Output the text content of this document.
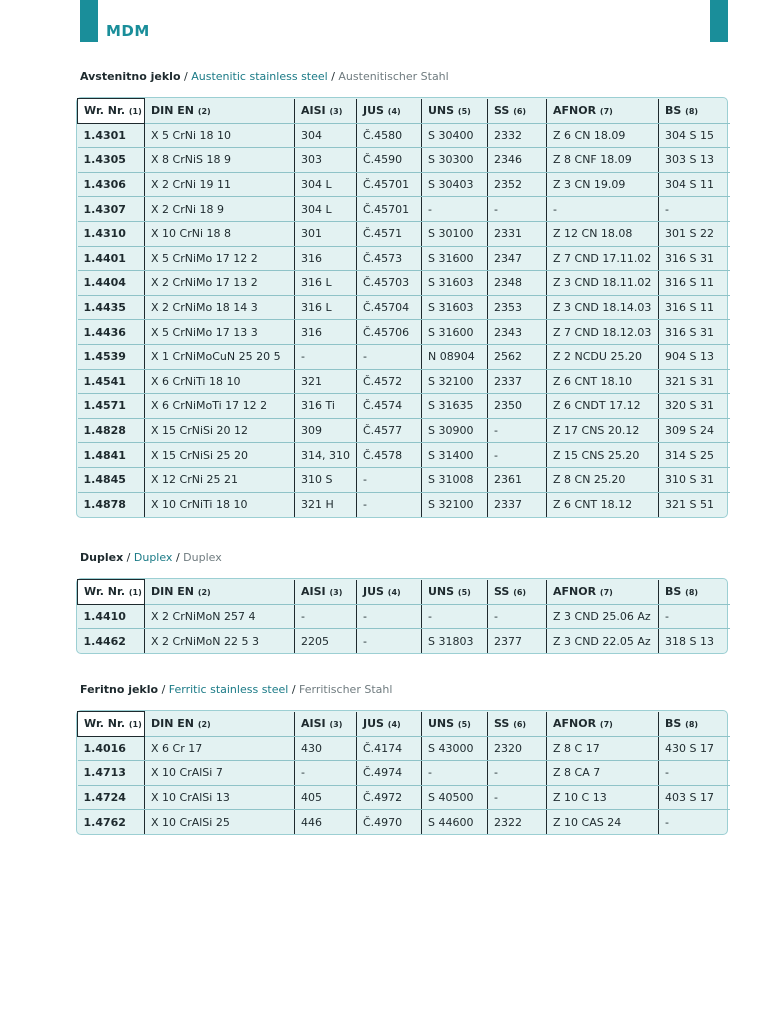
MDM
Avstenitno jeklo / Austenitic stainless steel / Austenitischer Stahl
Wr. Nr. (1)	DIN EN (2)	AISI (3)	JUS (4)	UNS (5)	SS (6)	AFNOR (7)	BS (8)
1.4301	X 5 CrNi 18 10	304	Č.4580	S 30400	2332	Z 6 CN 18.09	304 S 15
1.4305	X 8 CrNiS 18 9	303	Č.4590	S 30300	2346	Z 8 CNF 18.09	303 S 13
1.4306	X 2 CrNi 19 11	304 L	Č.45701	S 30403	2352	Z 3 CN 19.09	304 S 11
1.4307	X 2 CrNi 18 9	304 L	Č.45701	-	-	-	-
1.4310	X 10 CrNi 18 8	301	Č.4571	S 30100	2331	Z 12 CN 18.08	301 S 22
1.4401	X 5 CrNiMo 17 12 2	316	Č.4573	S 31600	2347	Z 7 CND 17.11.02	316 S 31
1.4404	X 2 CrNiMo 17 13 2	316 L	Č.45703	S 31603	2348	Z 3 CND 18.11.02	316 S 11
1.4435	X 2 CrNiMo 18 14 3	316 L	Č.45704	S 31603	2353	Z 3 CND 18.14.03	316 S 11
1.4436	X 5 CrNiMo 17 13 3	316	Č.45706	S 31600	2343	Z 7 CND 18.12.03	316 S 31
1.4539	X 1 CrNiMoCuN 25 20 5	-	-	N 08904	2562	Z 2 NCDU 25.20	904 S 13
1.4541	X 6 CrNiTi 18 10	321	Č.4572	S 32100	2337	Z 6 CNT 18.10	321 S 31
1.4571	X 6 CrNiMoTi 17 12 2	316 Ti	Č.4574	S 31635	2350	Z 6 CNDT 17.12	320 S 31
1.4828	X 15 CrNiSi 20 12	309	Č.4577	S 30900	-	Z 17 CNS 20.12	309 S 24
1.4841	X 15 CrNiSi 25 20	314, 310	Č.4578	S 31400	-	Z 15 CNS 25.20	314 S 25
1.4845	X 12 CrNi 25 21	310 S	-	S 31008	2361	Z 8 CN 25.20	310 S 31
1.4878	X 10 CrNiTi 18 10	321 H	-	S 32100	2337	Z 6 CNT 18.12	321 S 51
Duplex / Duplex / Duplex
Wr. Nr. (1)	DIN EN (2)	AISI (3)	JUS (4)	UNS (5)	SS (6)	AFNOR (7)	BS (8)
1.4410	X 2 CrNiMoN 257 4	-	-	-	-	Z 3 CND 25.06 Az	-
1.4462	X 2 CrNiMoN 22 5 3	2205	-	S 31803	2377	Z 3 CND 22.05 Az	318 S 13
Feritno jeklo / Ferritic stainless steel / Ferritischer Stahl
Wr. Nr. (1)	DIN EN (2)	AISI (3)	JUS (4)	UNS (5)	SS (6)	AFNOR (7)	BS (8)
1.4016	X 6 Cr 17	430	Č.4174	S 43000	2320	Z 8 C 17	430 S 17
1.4713	X 10 CrAlSi 7	-	Č.4974	-	-	Z 8 CA 7	-
1.4724	X 10 CrAlSi 13	405	Č.4972	S 40500	-	Z 10 C 13	403 S 17
1.4762	X 10 CrAlSi 25	446	Č.4970	S 44600	2322	Z 10 CAS 24	-
